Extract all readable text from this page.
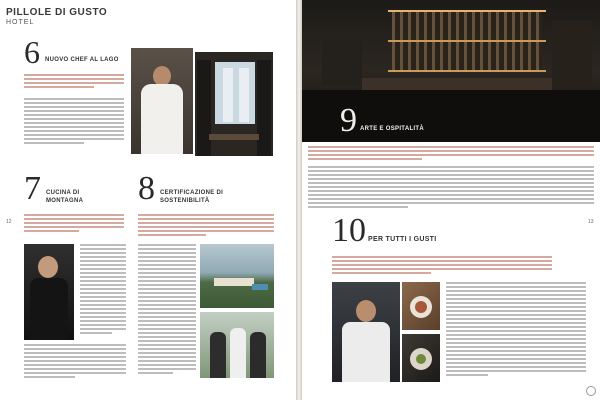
PILLOLE DI GUSTO
HOTEL
6 NUOVO CHEF AL LAGO
7 CUCINA DI MONTAGNA 8 CERTIFICAZIONE DI SOSTENIBILITÀ
12
9 ARTE E OSPITALITÀ
10 PER TUTTI I GUSTI
13
